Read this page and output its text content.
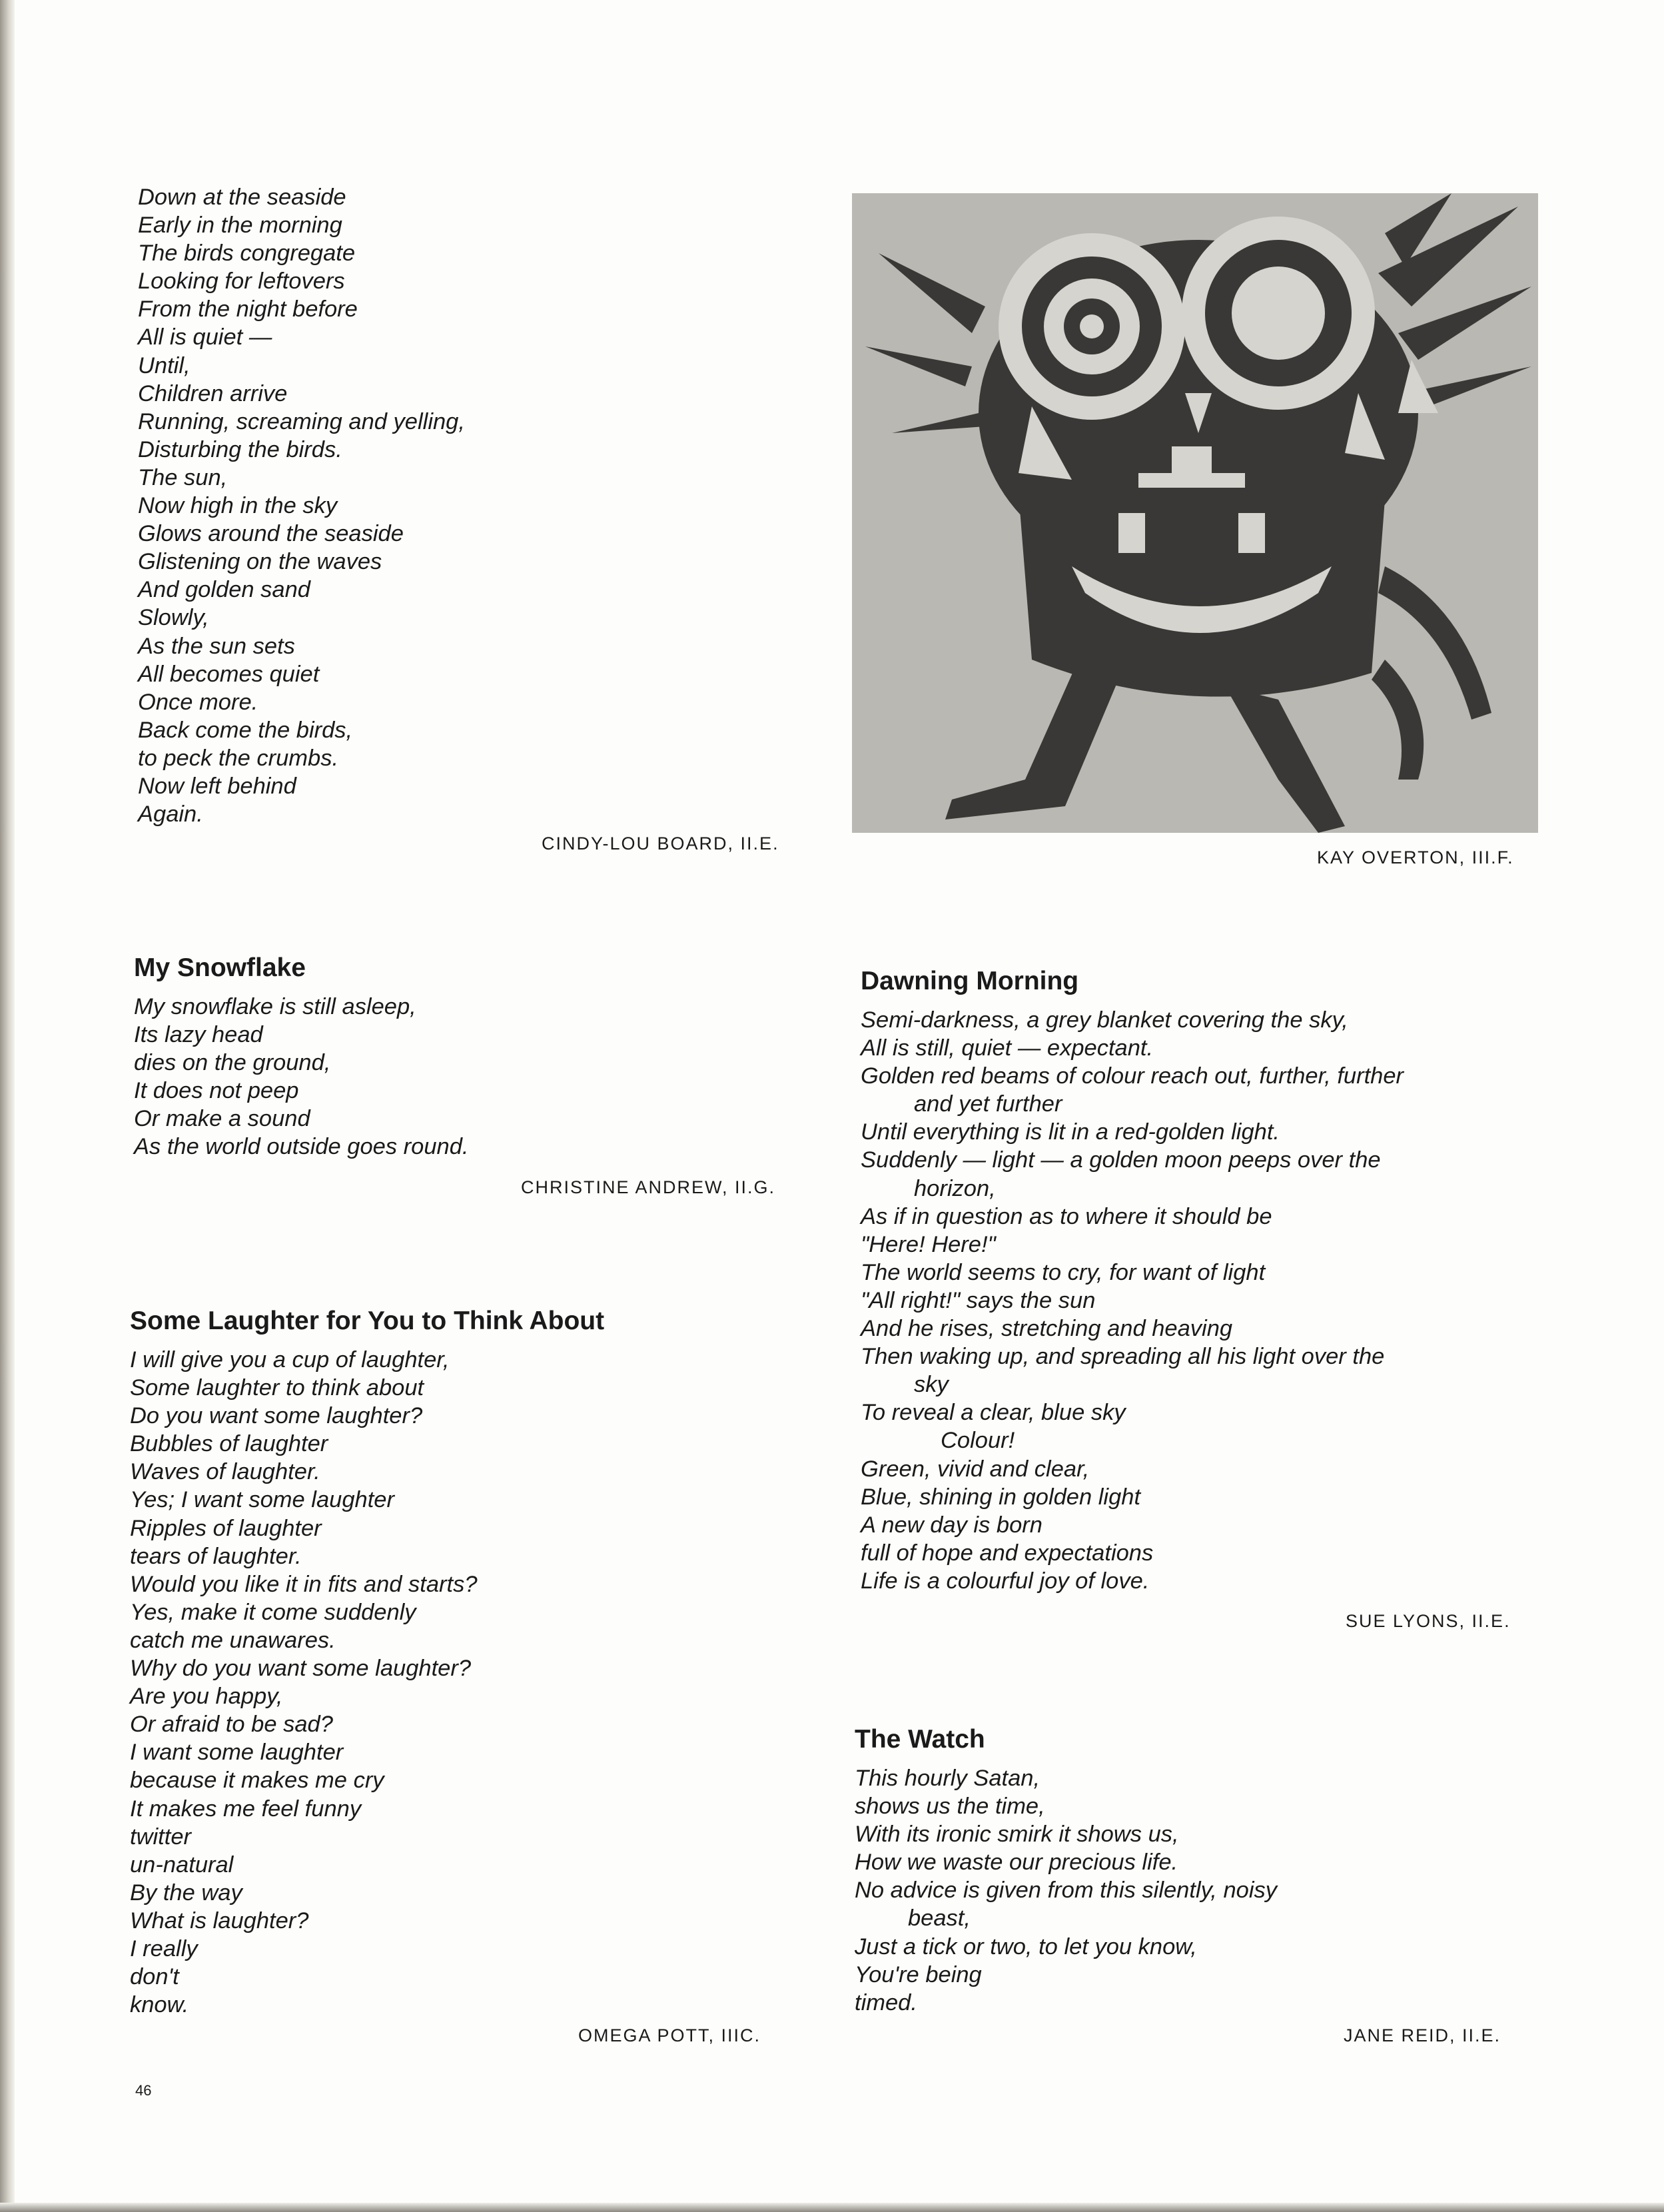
Down at the seaside
Early in the morning
The birds congregate
Looking for leftovers
From the night before
All is quiet —
Until,
Children arrive
Running, screaming and yelling,
Disturbing the birds.
The sun,
Now high in the sky
Glows around the seaside
Glistening on the waves
And golden sand
Slowly,
As the sun sets
All becomes quiet
Once more.
Back come the birds,
to peck the crumbs.
Now left behind
Again.
CINDY-LOU BOARD, II.E.
KAY OVERTON, III.F.
My Snowflake
My snowflake is still asleep,
Its lazy head
dies on the ground,
It does not peep
Or make a sound
As the world outside goes round.
CHRISTINE ANDREW, II.G.
Some Laughter for You to Think About
I will give you a cup of laughter,
Some laughter to think about
Do you want some laughter?
Bubbles of laughter
Waves of laughter.
Yes; I want some laughter
Ripples of laughter
tears of laughter.
Would you like it in fits and starts?
Yes, make it come suddenly
catch me unawares.
Why do you want some laughter?
Are you happy,
Or afraid to be sad?
I want some laughter
because it makes me cry
It makes me feel funny
twitter
un-natural
By the way
What is laughter?
I really
don't
know.
OMEGA POTT, IIIC.
Dawning Morning
Semi-darkness, a grey blanket covering the sky,
All is still, quiet — expectant.
Golden red beams of colour reach out, further, further
and yet further
Until everything is lit in a red-golden light.
Suddenly — light — a golden moon peeps over the
horizon,
As if in question as to where it should be
"Here! Here!"
The world seems to cry, for want of light
"All right!" says the sun
And he rises, stretching and heaving
Then waking up, and spreading all his light over the
sky
To reveal a clear, blue sky
Colour!
Green, vivid and clear,
Blue, shining in golden light
A new day is born
full of hope and expectations
Life is a colourful joy of love.
SUE LYONS, II.E.
The Watch
This hourly Satan,
shows us the time,
With its ironic smirk it shows us,
How we waste our precious life.
No advice is given from this silently, noisy
beast,
Just a tick or two, to let you know,
You're being
timed.
JANE REID, II.E.
46
